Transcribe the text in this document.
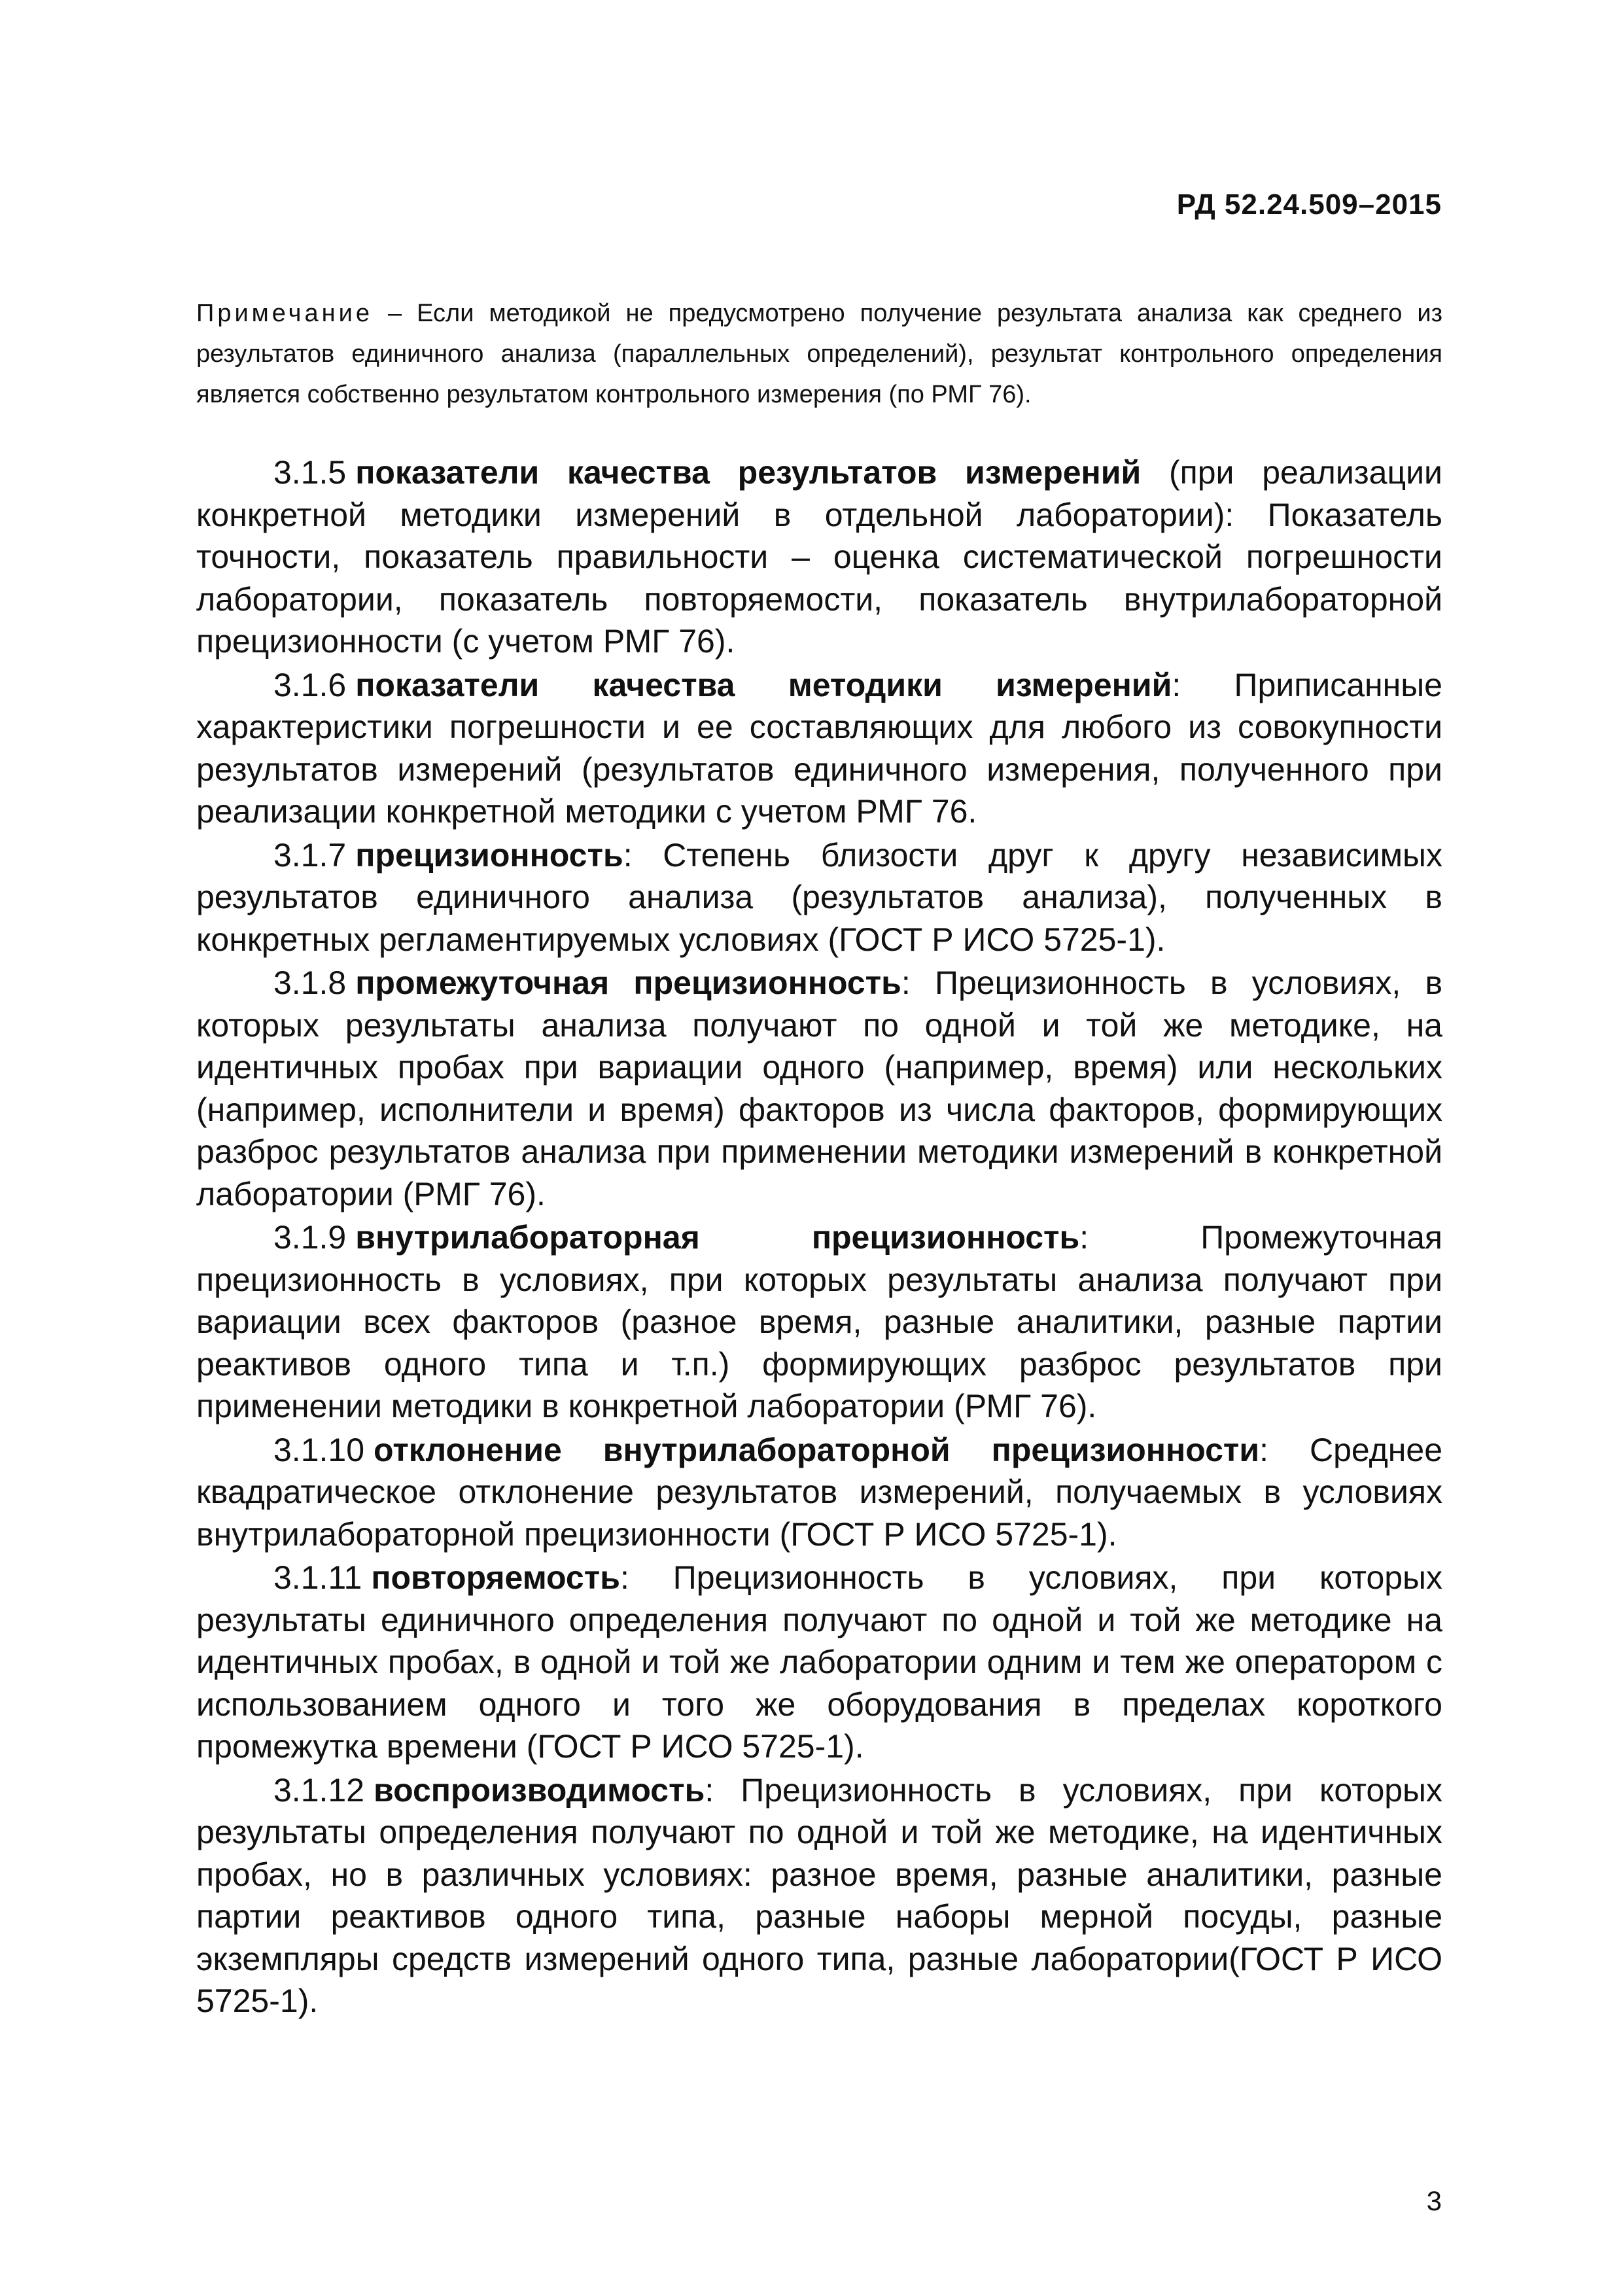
РД 52.24.509–2015

Примечание – Если методикой не предусмотрено получение результата анализа как среднего из результатов единичного анализа (параллельных определений), результат контрольного определения является собственно результатом контрольного измерения (по РМГ 76).

3.1.5 показатели качества результатов измерений (при реализации конкретной методики измерений в отдельной лаборатории): Показатель точности, показатель правильности – оценка систематической погрешности лаборатории, показатель повторяемости, показатель внутрилабораторной прецизионности (с учетом РМГ 76).

3.1.6 показатели качества методики измерений: Приписанные характеристики погрешности и ее составляющих для любого из совокупности результатов измерений (результатов единичного измерения, полученного при реализации конкретной методики с учетом РМГ 76.

3.1.7 прецизионность: Степень близости друг к другу независимых результатов единичного анализа (результатов анализа), полученных в конкретных регламентируемых условиях (ГОСТ Р ИСО 5725-1).

3.1.8 промежуточная прецизионность: Прецизионность в условиях, в которых результаты анализа получают по одной и той же методике, на идентичных пробах при вариации одного (например, время) или нескольких (например, исполнители и время) факторов из числа факторов, формирующих разброс результатов анализа при применении методики измерений в конкретной лаборатории (РМГ 76).

3.1.9 внутрилабораторная прецизионность: Промежуточная прецизионность в условиях, при которых результаты анализа получают при вариации всех факторов (разное время, разные аналитики, разные партии реактивов одного типа и т.п.) формирующих разброс результатов при применении методики в конкретной лаборатории (РМГ 76).

3.1.10 отклонение внутрилабораторной прецизионности: Среднее квадратическое отклонение результатов измерений, получаемых в условиях внутрилабораторной прецизионности (ГОСТ Р ИСО 5725-1).

3.1.11 повторяемость: Прецизионность в условиях, при которых результаты единичного определения получают по одной и той же методике на идентичных пробах, в одной и той же лаборатории одним и тем же оператором с использованием одного и того же оборудования в пределах короткого промежутка времени (ГОСТ Р ИСО 5725-1).

3.1.12 воспроизводимость: Прецизионность в условиях, при которых результаты определения получают по одной и той же методике, на идентичных пробах, но в различных условиях: разное время, разные аналитики, разные партии реактивов одного типа, разные наборы мерной посуды, разные экземпляры средств измерений одного типа, разные лаборатории(ГОСТ Р ИСО 5725-1).

3
